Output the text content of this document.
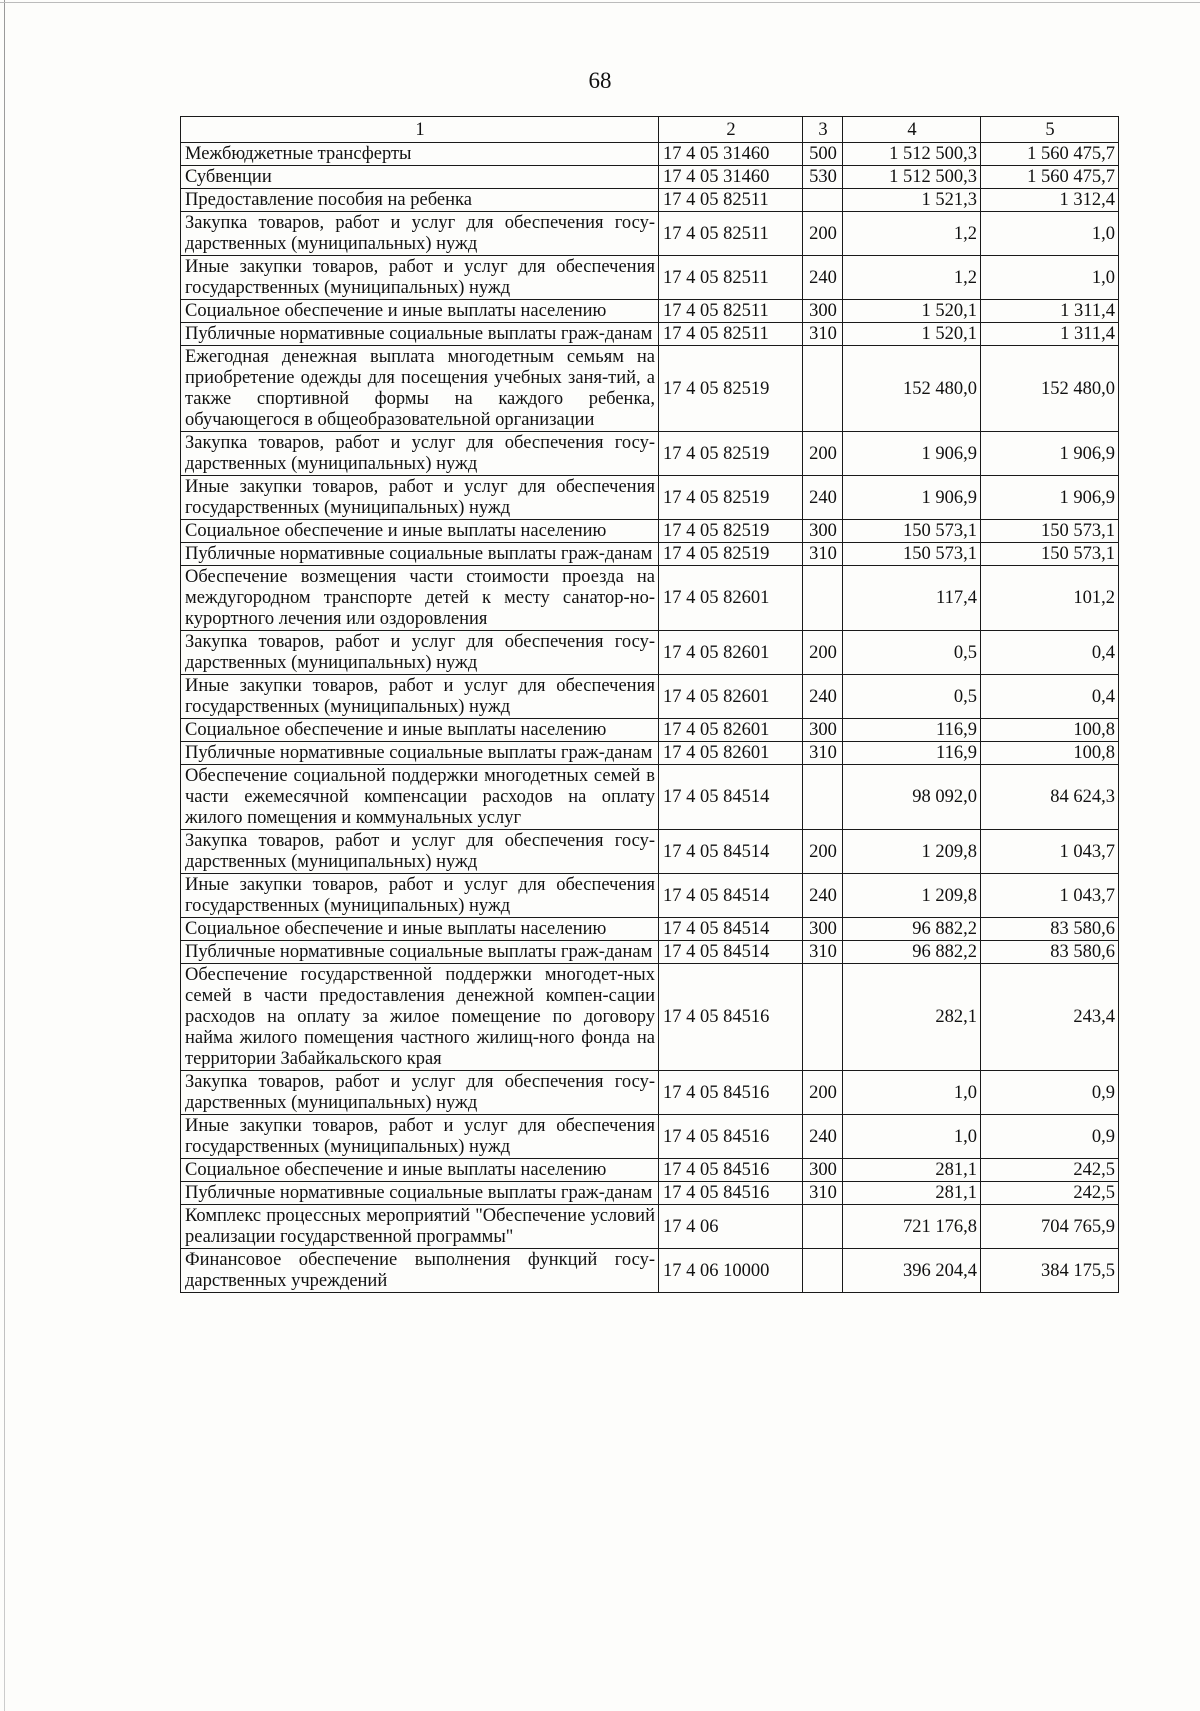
68
1	2	3	4	5
Межбюджетные трансферты	17 4 05 31460	500	1 512 500,3	1 560 475,7
Субвенции	17 4 05 31460	530	1 512 500,3	1 560 475,7
Предоставление пособия на ребенка	17 4 05 82511		1 521,3	1 312,4
Закупка товаров, работ и услуг для обеспечения госу-дарственных (муниципальных) нужд	17 4 05 82511	200	1,2	1,0
Иные закупки товаров, работ и услуг для обеспечения государственных (муниципальных) нужд	17 4 05 82511	240	1,2	1,0
Социальное обеспечение и иные выплаты населению	17 4 05 82511	300	1 520,1	1 311,4
Публичные нормативные социальные выплаты граж-данам	17 4 05 82511	310	1 520,1	1 311,4
Ежегодная денежная выплата многодетным семьям на приобретение одежды для посещения учебных заня-тий, а также спортивной формы на каждого ребенка, обучающегося в общеобразовательной организации	17 4 05 82519		152 480,0	152 480,0
Закупка товаров, работ и услуг для обеспечения госу-дарственных (муниципальных) нужд	17 4 05 82519	200	1 906,9	1 906,9
Иные закупки товаров, работ и услуг для обеспечения государственных (муниципальных) нужд	17 4 05 82519	240	1 906,9	1 906,9
Социальное обеспечение и иные выплаты населению	17 4 05 82519	300	150 573,1	150 573,1
Публичные нормативные социальные выплаты граж-данам	17 4 05 82519	310	150 573,1	150 573,1
Обеспечение возмещения части стоимости проезда на междугородном транспорте детей к месту санатор-но-курортного лечения или оздоровления	17 4 05 82601		117,4	101,2
Закупка товаров, работ и услуг для обеспечения госу-дарственных (муниципальных) нужд	17 4 05 82601	200	0,5	0,4
Иные закупки товаров, работ и услуг для обеспечения государственных (муниципальных) нужд	17 4 05 82601	240	0,5	0,4
Социальное обеспечение и иные выплаты населению	17 4 05 82601	300	116,9	100,8
Публичные нормативные социальные выплаты граж-данам	17 4 05 82601	310	116,9	100,8
Обеспечение социальной поддержки многодетных семей в части ежемесячной компенсации расходов на оплату жилого помещения и коммунальных услуг	17 4 05 84514		98 092,0	84 624,3
Закупка товаров, работ и услуг для обеспечения госу-дарственных (муниципальных) нужд	17 4 05 84514	200	1 209,8	1 043,7
Иные закупки товаров, работ и услуг для обеспечения государственных (муниципальных) нужд	17 4 05 84514	240	1 209,8	1 043,7
Социальное обеспечение и иные выплаты населению	17 4 05 84514	300	96 882,2	83 580,6
Публичные нормативные социальные выплаты граж-данам	17 4 05 84514	310	96 882,2	83 580,6
Обеспечение государственной поддержки многодет-ных семей в части предоставления денежной компен-сации расходов на оплату за жилое помещение по договору найма жилого помещения частного жилищ-ного фонда на территории Забайкальского края	17 4 05 84516		282,1	243,4
Закупка товаров, работ и услуг для обеспечения госу-дарственных (муниципальных) нужд	17 4 05 84516	200	1,0	0,9
Иные закупки товаров, работ и услуг для обеспечения государственных (муниципальных) нужд	17 4 05 84516	240	1,0	0,9
Социальное обеспечение и иные выплаты населению	17 4 05 84516	300	281,1	242,5
Публичные нормативные социальные выплаты граж-данам	17 4 05 84516	310	281,1	242,5
Комплекс процессных мероприятий "Обеспечение условий реализации государственной программы"	17 4 06		721 176,8	704 765,9
Финансовое обеспечение выполнения функций госу-дарственных учреждений	17 4 06 10000		396 204,4	384 175,5
